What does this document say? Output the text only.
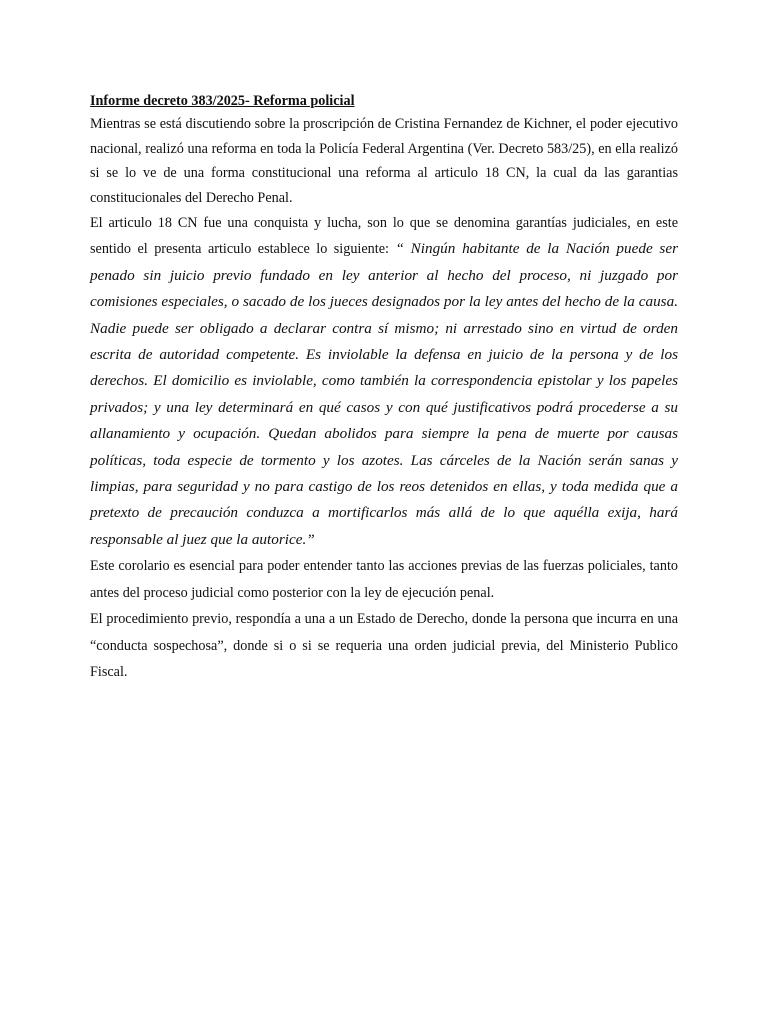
Informe decreto 383/2025- Reforma policial

Mientras se está discutiendo sobre la proscripción de Cristina Fernandez de Kichner, el poder ejecutivo nacional, realizó una reforma en toda la Policía Federal Argentina (Ver. Decreto 583/25), en ella realizó si se lo ve de una forma constitucional una reforma al articulo 18 CN, la cual da las garantias constitucionales del Derecho Penal.

El articulo 18 CN fue una conquista y lucha, son lo que se denomina garantías judiciales, en este sentido el presenta articulo establece lo siguiente: “ Ningún habitante de la Nación puede ser penado sin juicio previo fundado en ley anterior al hecho del proceso, ni juzgado por comisiones especiales, o sacado de los jueces designados por la ley antes del hecho de la causa. Nadie puede ser obligado a declarar contra sí mismo; ni arrestado sino en virtud de orden escrita de autoridad competente. Es inviolable la defensa en juicio de la persona y de los derechos. El domicilio es inviolable, como también la correspondencia epistolar y los papeles privados; y una ley determinará en qué casos y con qué justificativos podrá procederse a su allanamiento y ocupación. Quedan abolidos para siempre la pena de muerte por causas políticas, toda especie de tormento y los azotes. Las cárceles de la Nación serán sanas y limpias, para seguridad y no para castigo de los reos detenidos en ellas, y toda medida que a pretexto de precaución conduzca a mortificarlos más allá de lo que aquélla exija, hará responsable al juez que la autorice.”

Este corolario es esencial para poder entender tanto las acciones previas de las fuerzas policiales, tanto antes del proceso judicial como posterior con la ley de ejecución penal.

El procedimiento previo, respondía a una a un Estado de Derecho, donde la persona que incurra en una “conducta sospechosa”, donde si o si se requeria una orden judicial previa, del Ministerio Publico Fiscal.
